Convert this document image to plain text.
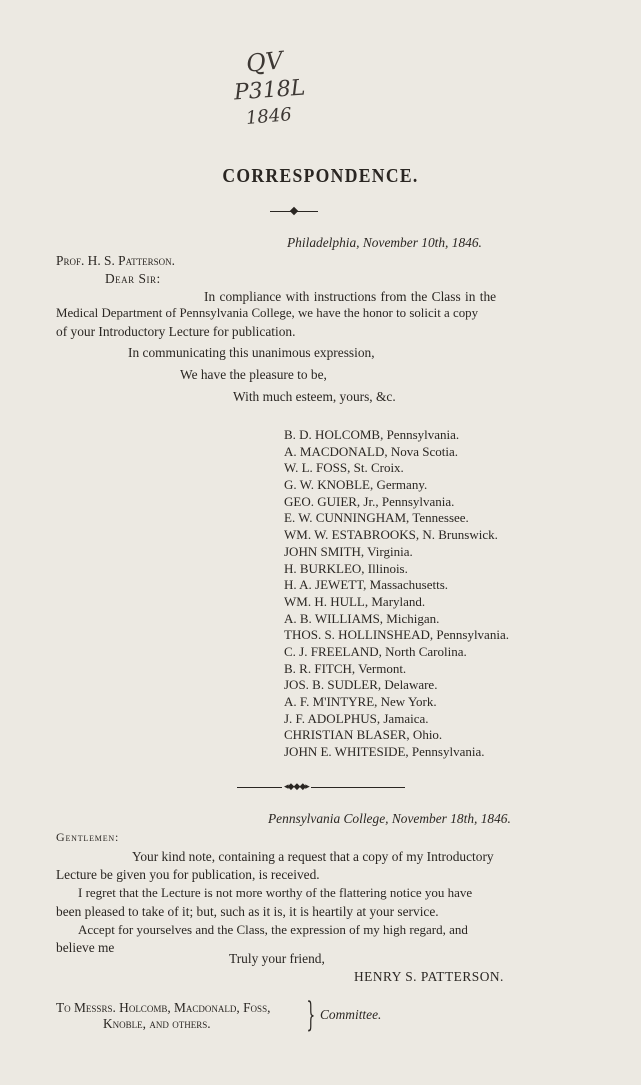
QV
P318L
1846
CORRESPONDENCE.
Philadelphia, November 10th, 1846.
Prof. H. S. Patterson.
Dear Sir:
In compliance with instructions from the Class in the
Medical Department of Pennsylvania College, we have the honor to solicit a copy
of your Introductory Lecture for publication.
In communicating this unanimous expression,
We have the pleasure to be,
With much esteem, yours, &c.
B. D. HOLCOMB, Pennsylvania.
A. MACDONALD, Nova Scotia.
W. L. FOSS, St. Croix.
G. W. KNOBLE, Germany.
GEO. GUIER, Jr., Pennsylvania.
E. W. CUNNINGHAM, Tennessee.
WM. W. ESTABROOKS, N. Brunswick.
JOHN SMITH, Virginia.
H. BURKLEO, Illinois.
H. A. JEWETT, Massachusetts.
WM. H. HULL, Maryland.
A. B. WILLIAMS, Michigan.
THOS. S. HOLLINSHEAD, Pennsylvania.
C. J. FREELAND, North Carolina.
B. R. FITCH, Vermont.
JOS. B. SUDLER, Delaware.
A. F. M'INTYRE, New York.
J. F. ADOLPHUS, Jamaica.
CHRISTIAN BLASER, Ohio.
JOHN E. WHITESIDE, Pennsylvania.
◂◆◆◆▸
Pennsylvania College, November 18th, 1846.
Gentlemen:
Your kind note, containing a request that a copy of my Introductory
Lecture be given you for publication, is received.
I regret that the Lecture is not more worthy of the flattering notice you have
been pleased to take of it; but, such as it is, it is heartily at your service.
Accept for yourselves and the Class, the expression of my high regard, and
believe me
Truly your friend,
HENRY S. PATTERSON.
To Messrs. Holcomb, Macdonald, Foss,
Knoble, and others.	} Committee.
